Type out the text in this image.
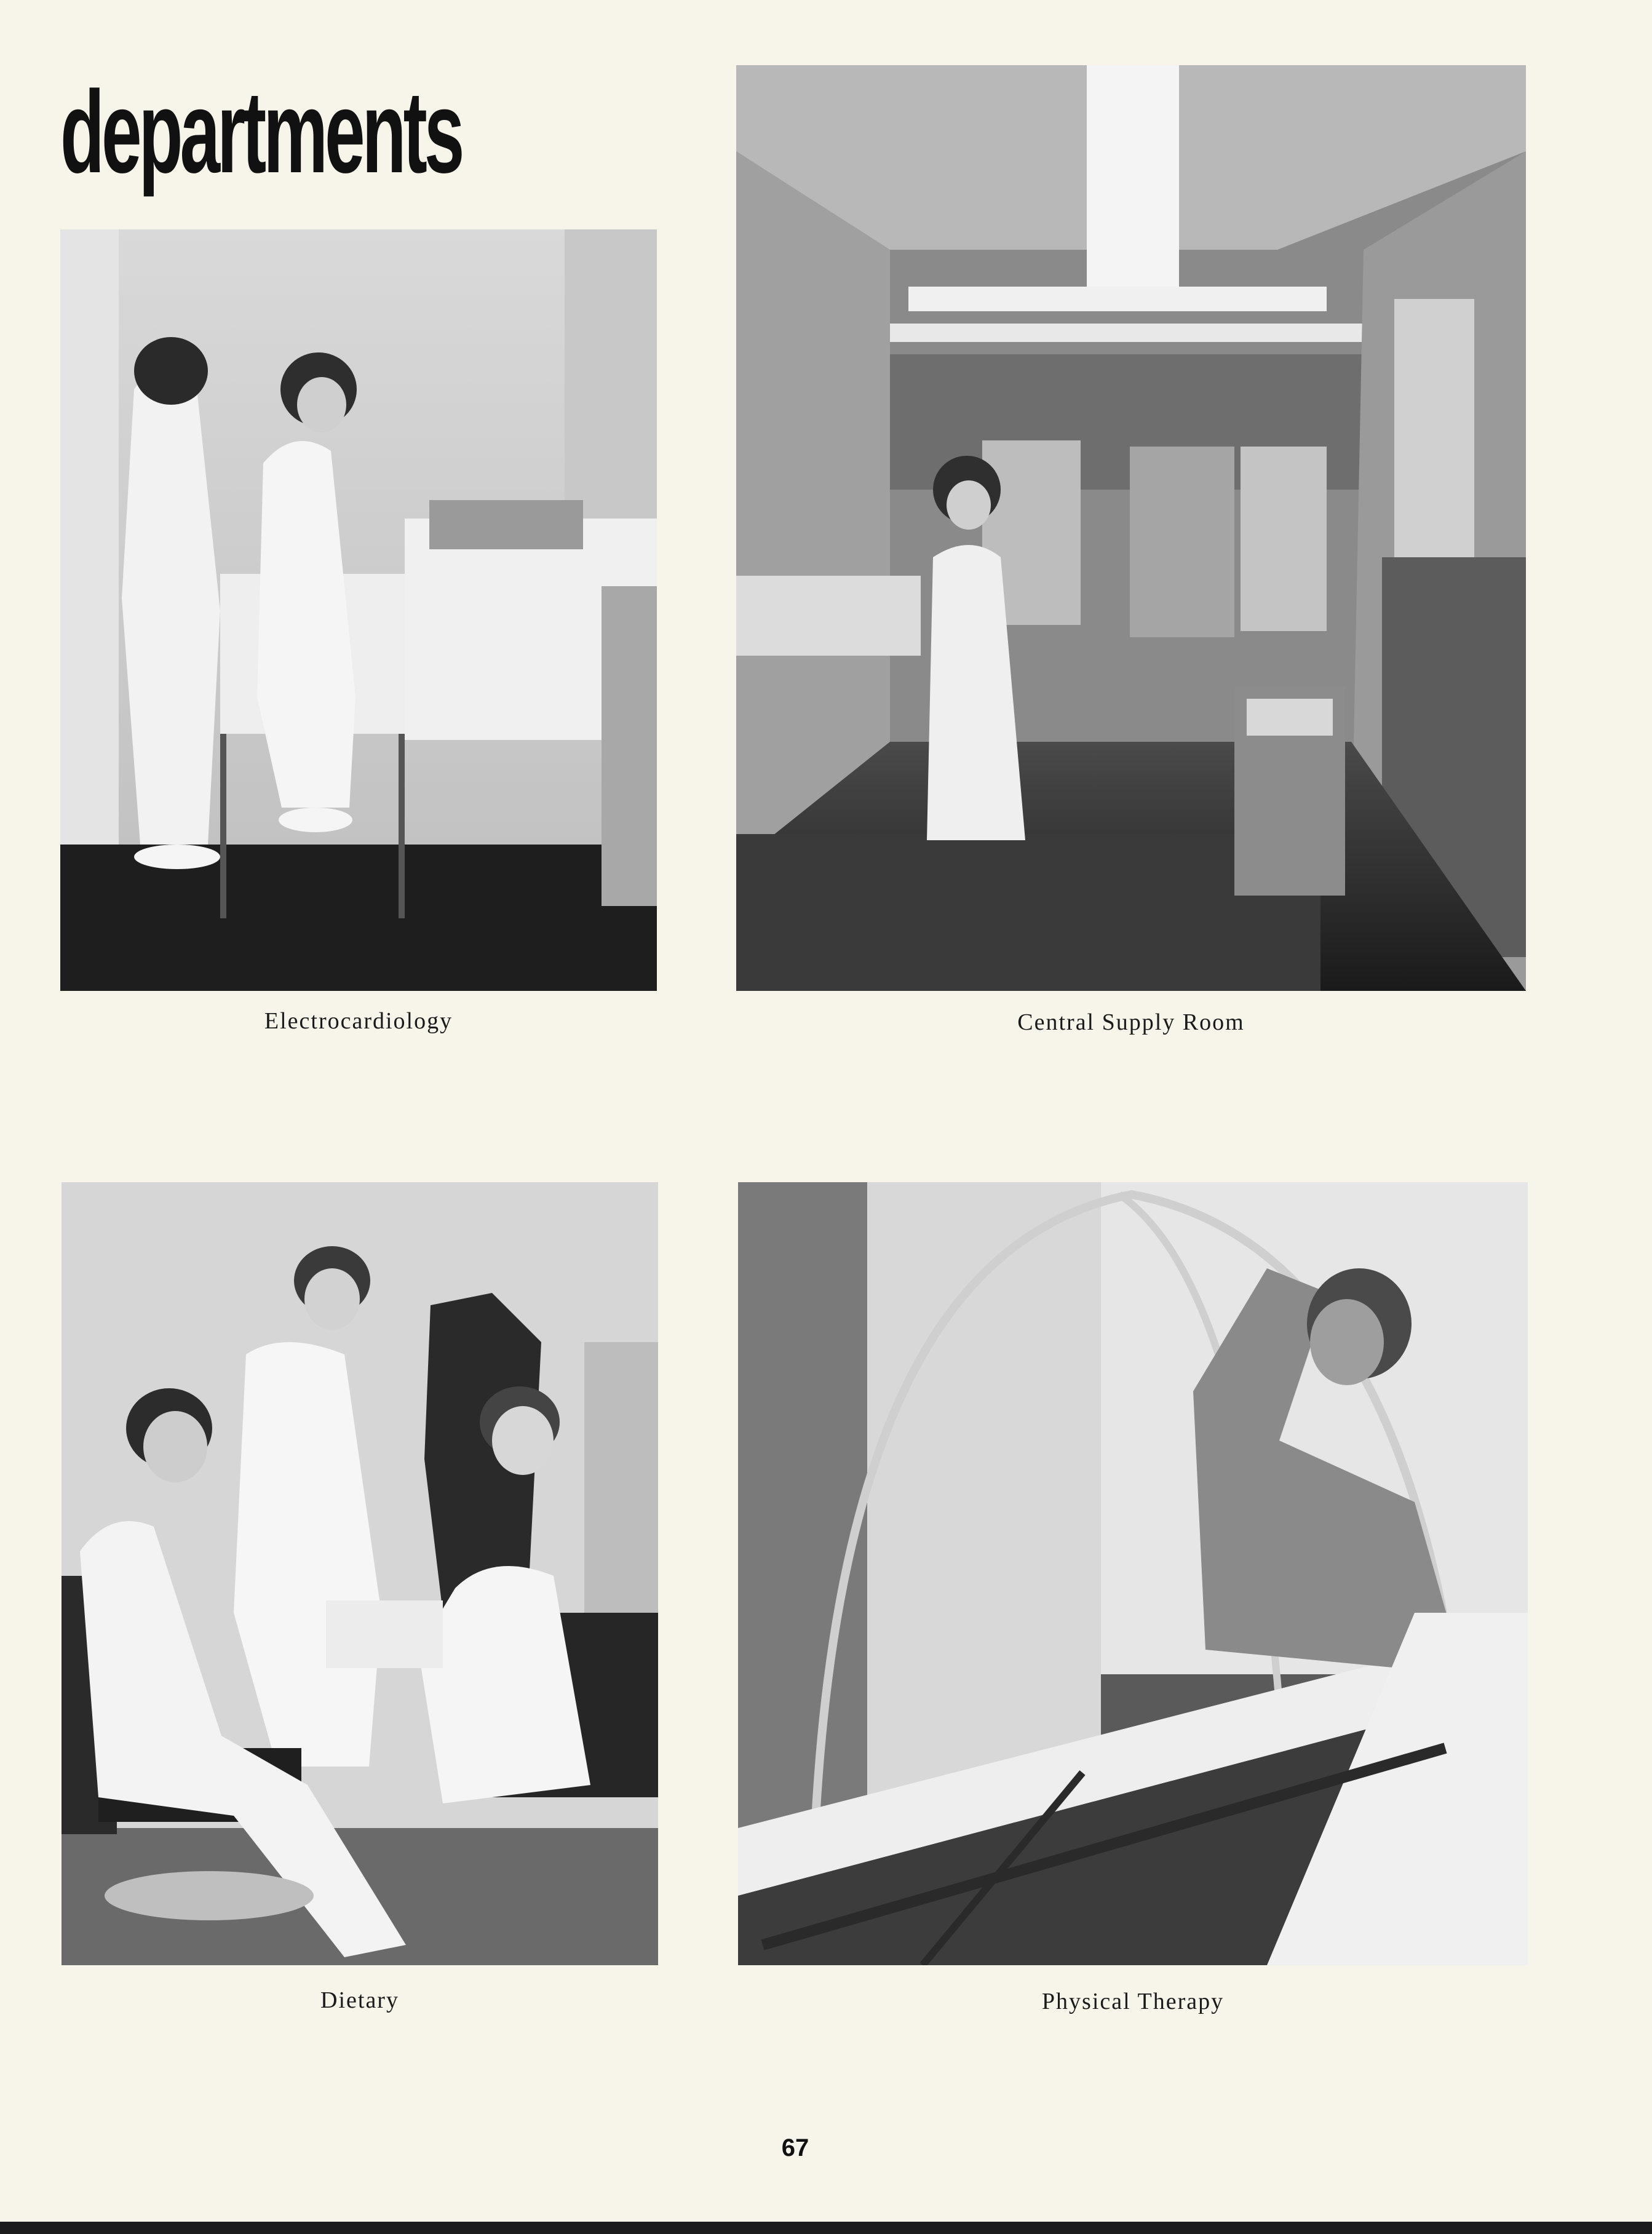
departments
Electrocardiology	Central Supply Room
Dietary	Physical Therapy
67
